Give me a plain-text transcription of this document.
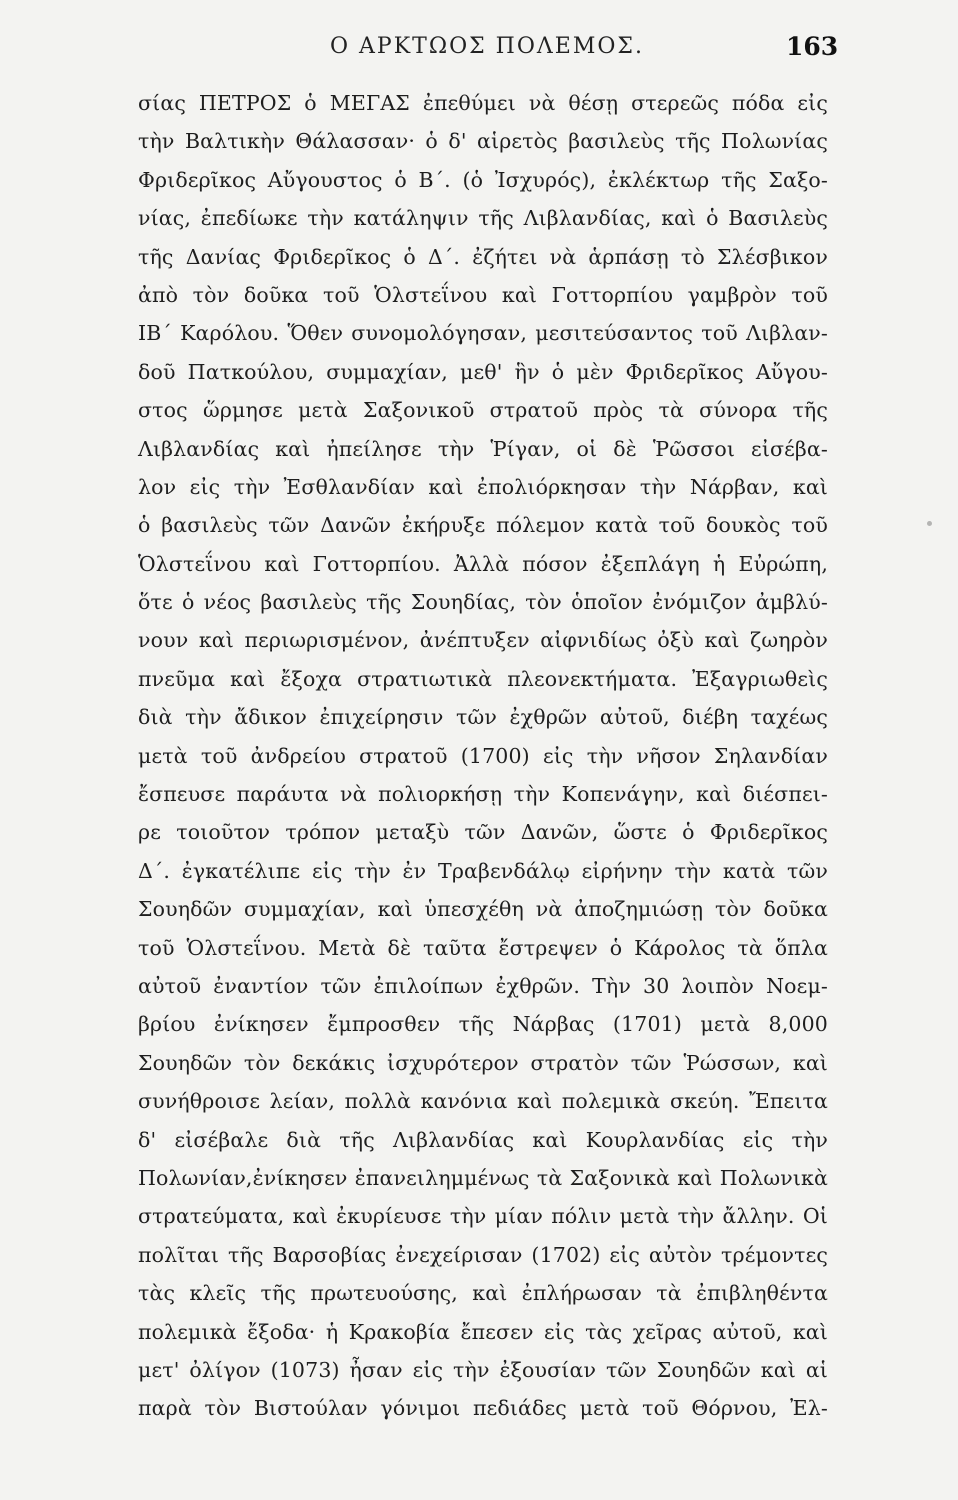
Ο ΑΡΚΤΩΟΣ ΠΟΛΕΜΟΣ.	163
σίας ΠΕΤΡΟΣ ὁ ΜΕΓΑΣ ἐπεθύμει νὰ θέσῃ στερεῶς πόδα εἰς
τὴν Βαλτικὴν Θάλασσαν· ὁ δ' αἱρετὸς βασιλεὺς τῆς Πολωνίας
Φριδερῖκος Αὔγουστος ὁ Β΄. (ὁ Ἰσχυρός), ἐκλέκτωρ τῆς Σαξο-
νίας, ἐπεδίωκε τὴν κατάληψιν τῆς Λιβλανδίας, καὶ ὁ Βασιλεὺς
τῆς Δανίας Φριδερῖκος ὁ Δ΄. ἐζήτει νὰ ἁρπάσῃ τὸ Σλέσβικον
ἀπὸ τὸν δοῦκα τοῦ Ὁλστεΐνου καὶ Γοττορπίου γαμβρὸν τοῦ
ΙΒ΄ Καρόλου. Ὅθεν συνομολόγησαν, μεσιτεύσαντος τοῦ Λιβλαν-
δοῦ Πατκούλου, συμμαχίαν, μεθ' ἣν ὁ μὲν Φριδερῖκος Αὔγου-
στος ὥρμησε μετὰ Σαξονικοῦ στρατοῦ πρὸς τὰ σύνορα τῆς
Λιβλανδίας καὶ ἠπείλησε τὴν Ῥίγαν, οἱ δὲ Ῥῶσσοι εἰσέβα-
λον εἰς τὴν Ἐσθλανδίαν καὶ ἐπολιόρκησαν τὴν Νάρβαν, καὶ
ὁ βασιλεὺς τῶν Δανῶν ἐκήρυξε πόλεμον κατὰ τοῦ δουκὸς τοῦ
Ὁλστεΐνου καὶ Γοττορπίου. Ἀλλὰ πόσον ἐξεπλάγη ἡ Εὐρώπη,
ὅτε ὁ νέος βασιλεὺς τῆς Σουηδίας, τὸν ὁποῖον ἐνόμιζον ἀμβλύ-
νουν καὶ περιωρισμένον, ἀνέπτυξεν αἰφνιδίως ὀξὺ καὶ ζωηρὸν
πνεῦμα καὶ ἔξοχα στρατιωτικὰ πλεονεκτήματα. Ἐξαγριωθεὶς
διὰ τὴν ἄδικον ἐπιχείρησιν τῶν ἐχθρῶν αὐτοῦ, διέβη ταχέως
μετὰ τοῦ ἀνδρείου στρατοῦ (1700) εἰς τὴν νῆσον Σηλανδίαν
ἔσπευσε παράυτα νὰ πολιορκήσῃ τὴν Κοπενάγην, καὶ διέσπει-
ρε τοιοῦτον τρόπον μεταξὺ τῶν Δανῶν, ὥστε ὁ Φριδερῖκος
Δ΄. ἐγκατέλιπε εἰς τὴν ἐν Τραβενδάλῳ εἰρήνην τὴν κατὰ τῶν
Σουηδῶν συμμαχίαν, καὶ ὑπεσχέθη νὰ ἀποζημιώσῃ τὸν δοῦκα
τοῦ Ὁλστεΐνου. Μετὰ δὲ ταῦτα ἔστρεψεν ὁ Κάρολος τὰ ὅπλα
αὐτοῦ ἐναντίον τῶν ἐπιλοίπων ἐχθρῶν. Τὴν 30 λοιπὸν Νοεμ-
βρίου ἐνίκησεν ἔμπροσθεν τῆς Νάρβας (1701) μετὰ 8,000
Σουηδῶν τὸν δεκάκις ἰσχυρότερον στρατὸν τῶν Ῥώσσων, καὶ
συνήθροισε λείαν, πολλὰ κανόνια καὶ πολεμικὰ σκεύη. Ἔπειτα
δ' εἰσέβαλε διὰ τῆς Λιβλανδίας καὶ Κουρλανδίας εἰς τὴν
Πολωνίαν,ἐνίκησεν ἐπανειλημμένως τὰ Σαξονικὰ καὶ Πολωνικὰ
στρατεύματα, καὶ ἐκυρίευσε τὴν μίαν πόλιν μετὰ τὴν ἄλλην. Οἱ
πολῖται τῆς Βαρσοβίας ἐνεχείρισαν (1702) εἰς αὐτὸν τρέμοντες
τὰς κλεῖς τῆς πρωτευούσης, καὶ ἐπλήρωσαν τὰ ἐπιβληθέντα
πολεμικὰ ἔξοδα· ἡ Κρακοβία ἔπεσεν εἰς τὰς χεῖρας αὐτοῦ, καὶ
μετ' ὀλίγον (1073) ἦσαν εἰς τὴν ἐξουσίαν τῶν Σουηδῶν καὶ αἱ
παρὰ τὸν Βιστούλαν γόνιμοι πεδιάδες μετὰ τοῦ Θόρνου, Ἐλ-
